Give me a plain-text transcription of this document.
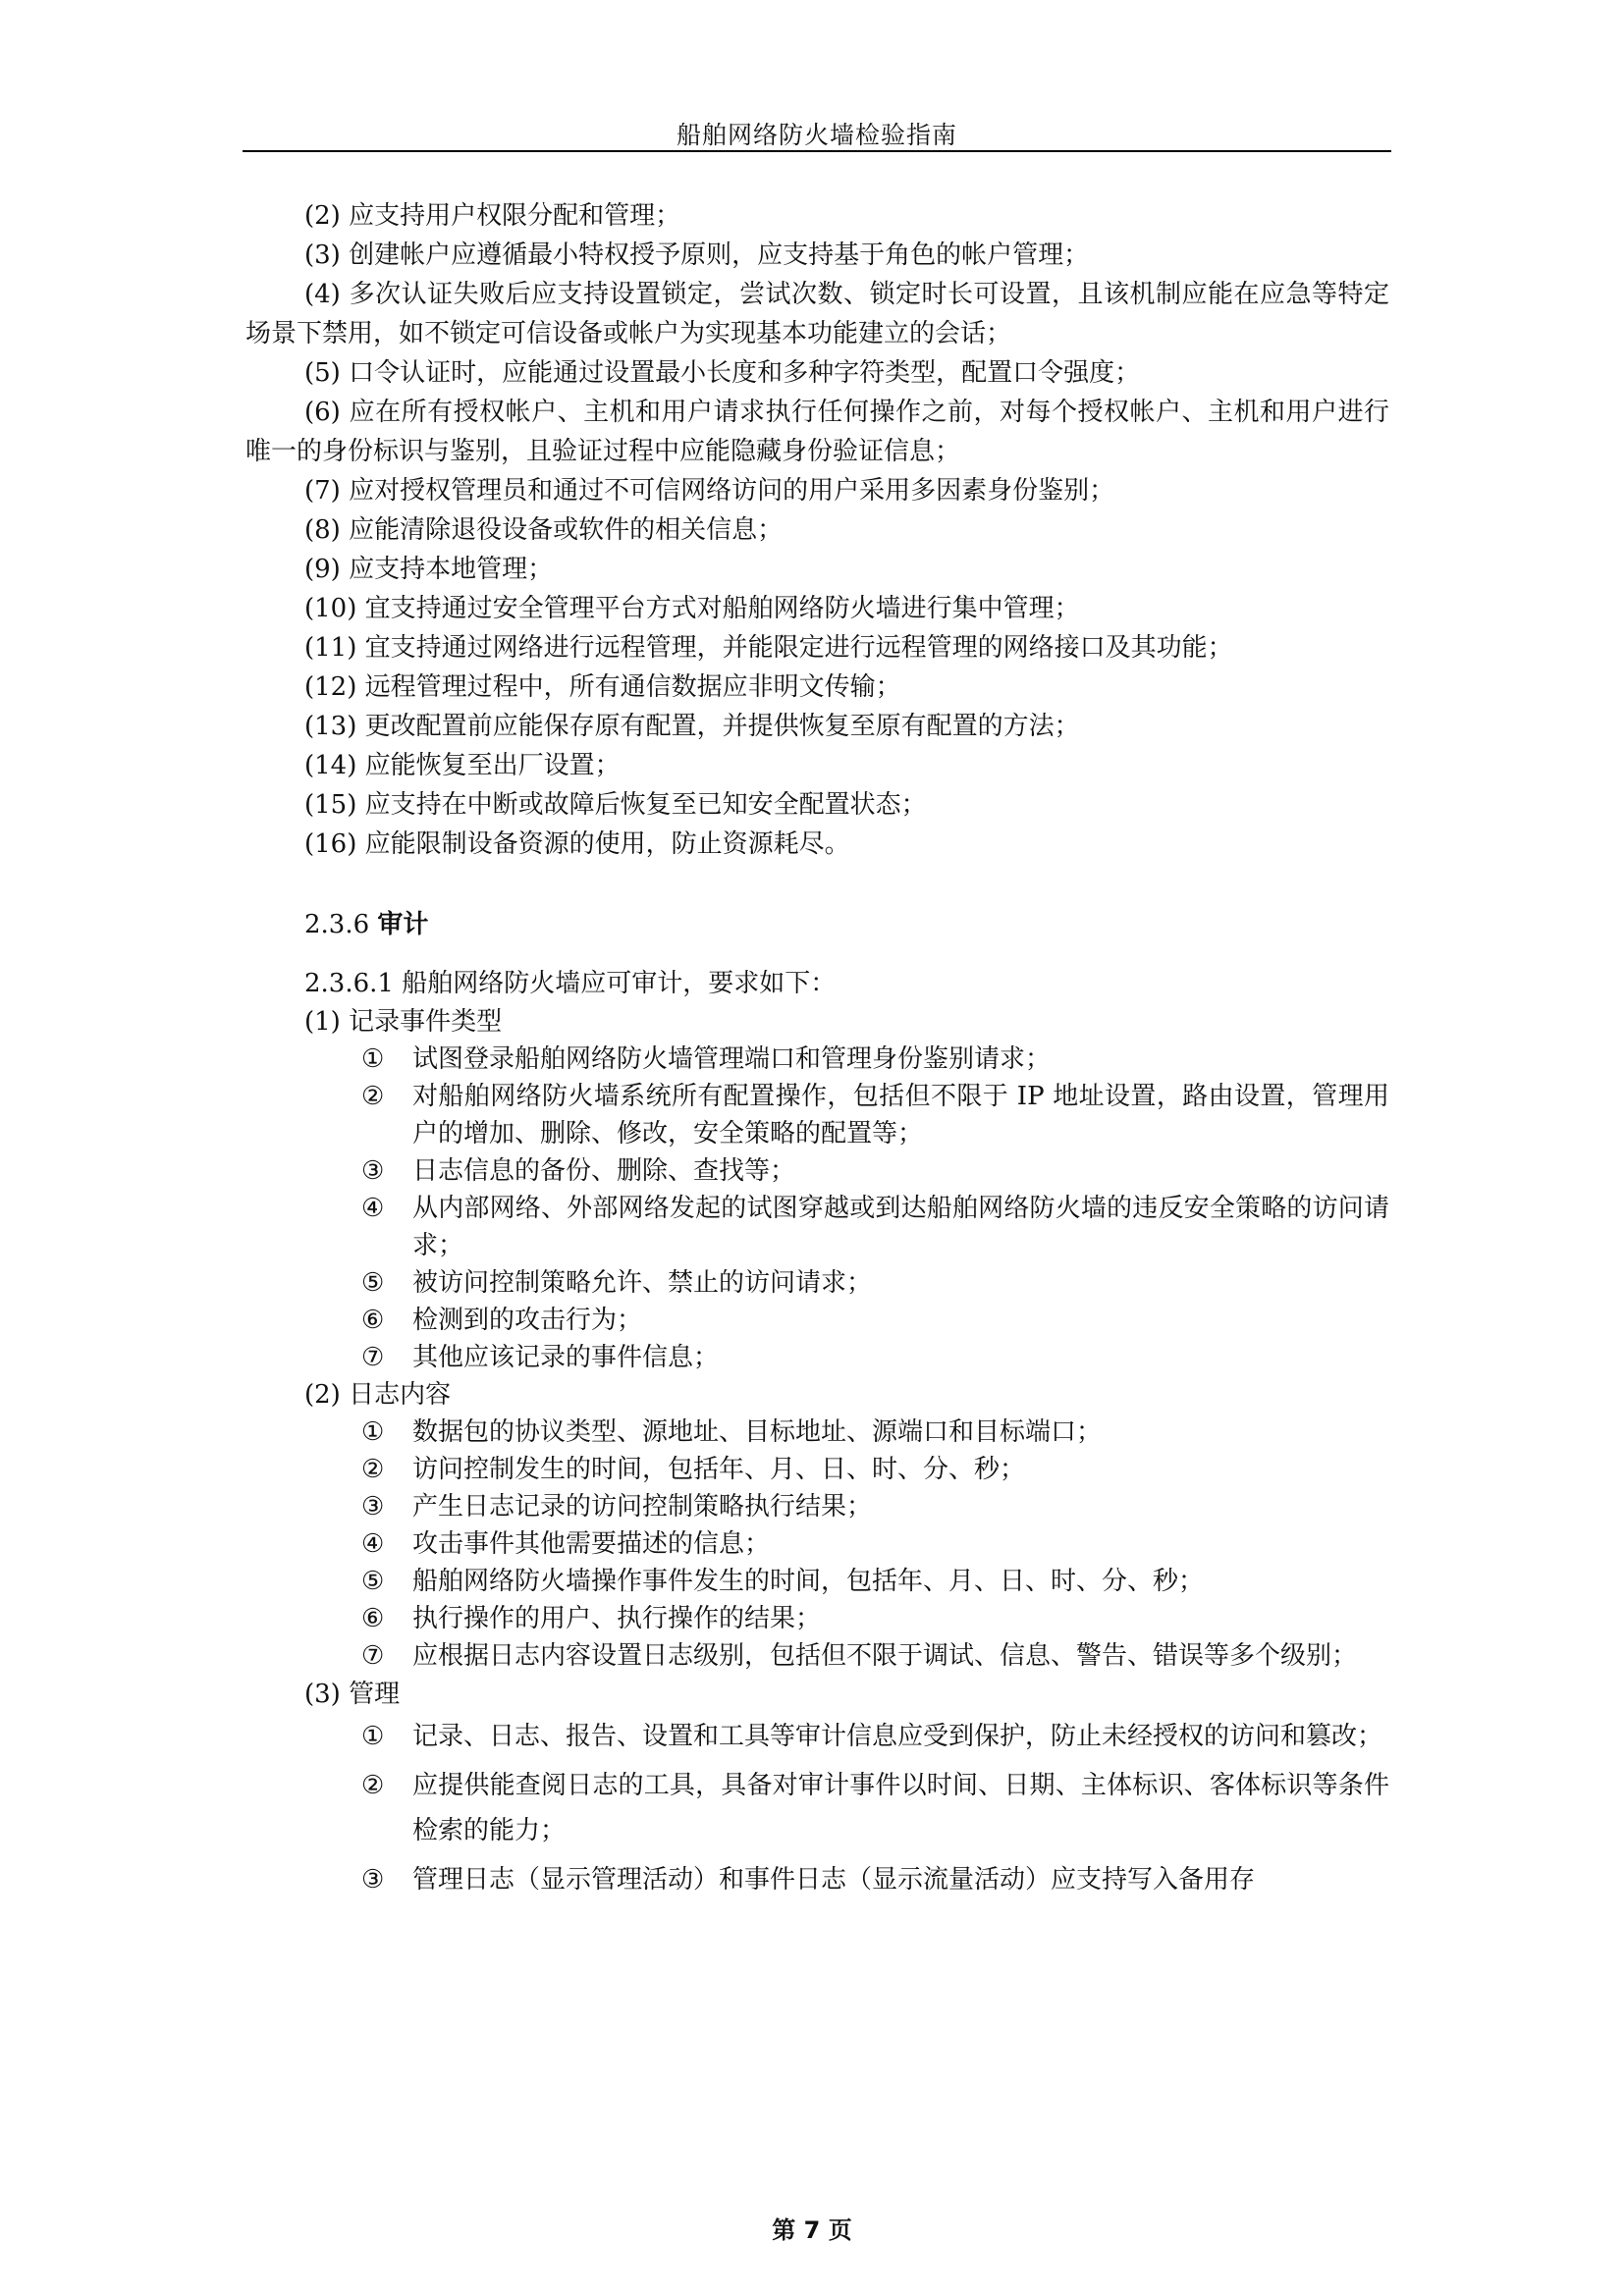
船舶网络防火墙检验指南

(2) 应支持用户权限分配和管理；

(3) 创建帐户应遵循最小特权授予原则，应支持基于角色的帐户管理；

(4) 多次认证失败后应支持设置锁定，尝试次数、锁定时长可设置，且该机制应能在应急等特定场景下禁用，如不锁定可信设备或帐户为实现基本功能建立的会话；

(5) 口令认证时，应能通过设置最小长度和多种字符类型，配置口令强度；

(6) 应在所有授权帐户、主机和用户请求执行任何操作之前，对每个授权帐户、主机和用户进行唯一的身份标识与鉴别，且验证过程中应能隐藏身份验证信息；

(7) 应对授权管理员和通过不可信网络访问的用户采用多因素身份鉴别；

(8) 应能清除退役设备或软件的相关信息；

(9) 应支持本地管理；

(10) 宜支持通过安全管理平台方式对船舶网络防火墙进行集中管理；

(11) 宜支持通过网络进行远程管理，并能限定进行远程管理的网络接口及其功能；

(12) 远程管理过程中，所有通信数据应非明文传输；

(13) 更改配置前应能保存原有配置，并提供恢复至原有配置的方法；

(14) 应能恢复至出厂设置；

(15) 应支持在中断或故障后恢复至已知安全配置状态；

(16) 应能限制设备资源的使用，防止资源耗尽。

2.3.6 审计

2.3.6.1 船舶网络防火墙应可审计，要求如下：

(1) 记录事件类型

①	试图登录船舶网络防火墙管理端口和管理身份鉴别请求；
②	对船舶网络防火墙系统所有配置操作，包括但不限于 IP 地址设置，路由设置，管理用户的增加、删除、修改，安全策略的配置等；
③	日志信息的备份、删除、查找等；
④	从内部网络、外部网络发起的试图穿越或到达船舶网络防火墙的违反安全策略的访问请求；
⑤	被访问控制策略允许、禁止的访问请求；
⑥	检测到的攻击行为；
⑦	其他应该记录的事件信息；

(2) 日志内容

①	数据包的协议类型、源地址、目标地址、源端口和目标端口；
②	访问控制发生的时间，包括年、月、日、时、分、秒；
③	产生日志记录的访问控制策略执行结果；
④	攻击事件其他需要描述的信息；
⑤	船舶网络防火墙操作事件发生的时间，包括年、月、日、时、分、秒；
⑥	执行操作的用户、执行操作的结果；
⑦	应根据日志内容设置日志级别，包括但不限于调试、信息、警告、错误等多个级别；

(3) 管理

①	记录、日志、报告、设置和工具等审计信息应受到保护，防止未经授权的访问和篡改；
②	应提供能查阅日志的工具，具备对审计事件以时间、日期、主体标识、客体标识等条件检索的能力；
③	管理日志（显示管理活动）和事件日志（显示流量活动）应支持写入备用存
第 7 页
